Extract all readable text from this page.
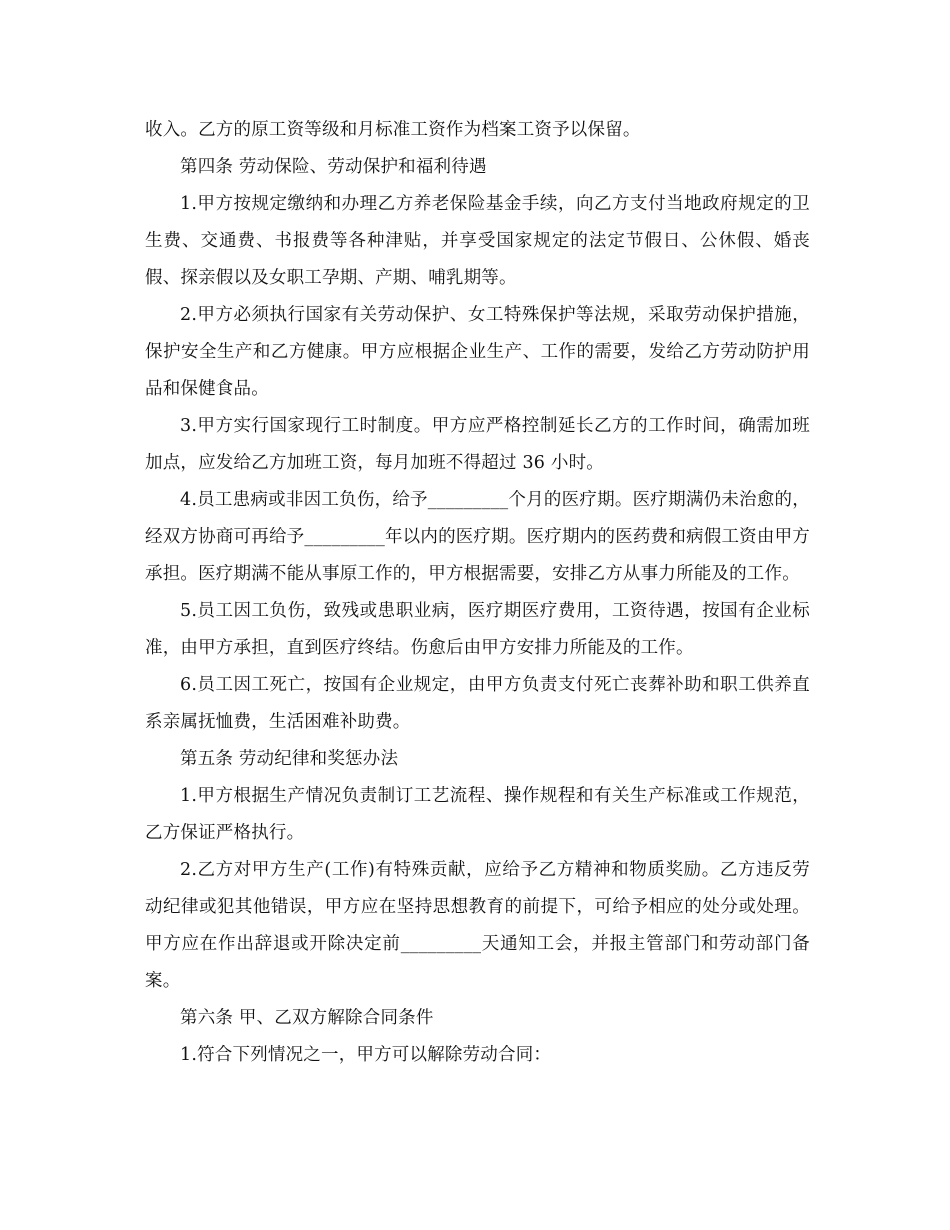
收入。乙方的原工资等级和月标准工资作为档案工资予以保留。

第四条 劳动保险、劳动保护和福利待遇

1.甲方按规定缴纳和办理乙方养老保险基金手续，向乙方支付当地政府规定的卫生费、交通费、书报费等各种津贴，并享受国家规定的法定节假日、公休假、婚丧假、探亲假以及女职工孕期、产期、哺乳期等。

2.甲方必须执行国家有关劳动保护、女工特殊保护等法规，采取劳动保护措施，保护安全生产和乙方健康。甲方应根据企业生产、工作的需要，发给乙方劳动防护用品和保健食品。

3.甲方实行国家现行工时制度。甲方应严格控制延长乙方的工作时间，确需加班加点，应发给乙方加班工资，每月加班不得超过 36 小时。

4.员工患病或非因工负伤，给予_________个月的医疗期。医疗期满仍未治愈的，经双方协商可再给予_________年以内的医疗期。医疗期内的医药费和病假工资由甲方承担。医疗期满不能从事原工作的，甲方根据需要，安排乙方从事力所能及的工作。

5.员工因工负伤，致残或患职业病，医疗期医疗费用，工资待遇，按国有企业标准，由甲方承担，直到医疗终结。伤愈后由甲方安排力所能及的工作。

6.员工因工死亡，按国有企业规定，由甲方负责支付死亡丧葬补助和职工供养直系亲属抚恤费，生活困难补助费。

第五条 劳动纪律和奖惩办法

1.甲方根据生产情况负责制订工艺流程、操作规程和有关生产标准或工作规范，乙方保证严格执行。

2.乙方对甲方生产(工作)有特殊贡献，应给予乙方精神和物质奖励。乙方违反劳动纪律或犯其他错误，甲方应在坚持思想教育的前提下，可给予相应的处分或处理。甲方应在作出辞退或开除决定前_________天通知工会，并报主管部门和劳动部门备案。

第六条 甲、乙双方解除合同条件

1.符合下列情况之一，甲方可以解除劳动合同：
